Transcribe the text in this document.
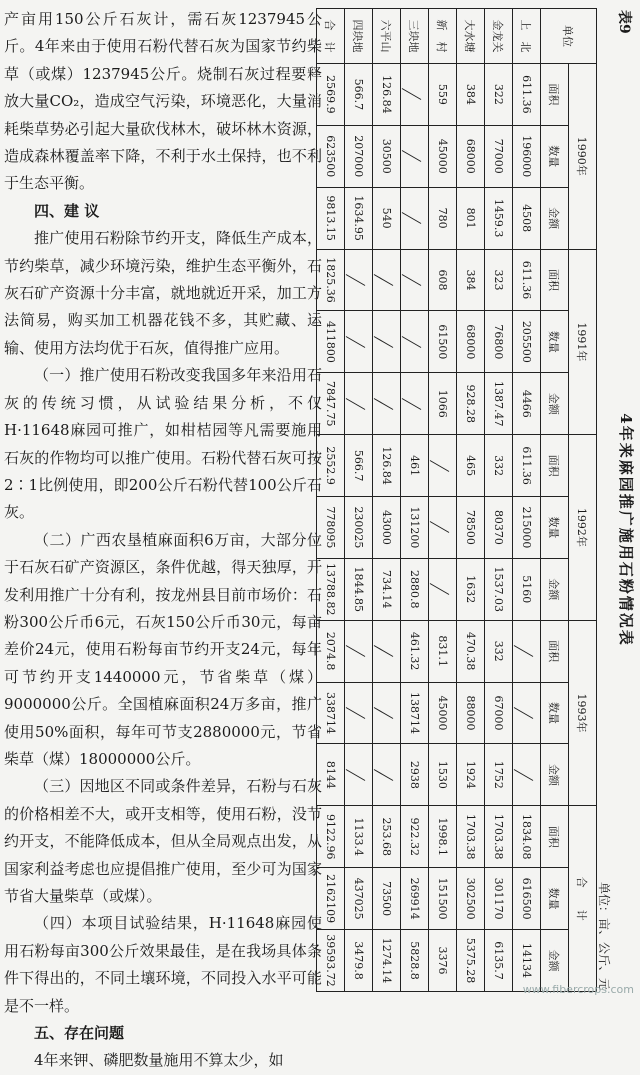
产亩用150公斤石灰计，需石灰1237945公斤。4年来由于使用石粉代替石灰为国家节约柴草（或煤）1237945公斤。烧制石灰过程要释放大量CO₂，造成空气污染，环境恶化，大量消耗柴草势必引起大量砍伐林木，破坏林木资源，造成森林覆盖率下降，不利于水土保持，也不利于生态平衡。

四、建 议

推广使用石粉除节约开支，降低生产成本，节约柴草，减少环境污染，维护生态平衡外，石灰石矿产资源十分丰富，就地就近开采，加工方法简易，购买加工机器花钱不多，其贮藏、运输、使用方法均优于石灰，值得推广应用。

（一）推广使用石粉改变我国多年来沿用石灰的传统习惯，从试验结果分析，不仅H·11648麻园可推广，如柑桔园等凡需要施用石灰的作物均可以推广使用。石粉代替石灰可按2∶1比例使用，即200公斤石粉代替100公斤石灰。

（二）广西农垦植麻面积6万亩，大部分位于石灰石矿产资源区，条件优越，得天独厚，开发利用推广十分有利，按龙州县目前市场价：石粉300公斤币6元，石灰150公斤币30元，每亩差价24元，使用石粉每亩节约开支24元，每年可节约开支1440000元，节省柴草（煤）9000000公斤。全国植麻面积24万多亩，推广使用50%面积，每年可节支2880000元，节省柴草（煤）18000000公斤。

（三）因地区不同或条件差异，石粉与石灰的价格相差不大，或开支相等，使用石粉，没节约开支，不能降低成本，但从全局观点出发，从国家利益考虑也应提倡推广使用，至少可为国家节省大量柴草（或煤）。

（四）本项目试验结果，H·11648麻园使用石粉每亩300公斤效果最佳，是在我场具体条件下得出的，不同土壤环境，不同投入水平可能是不一样。

五、存在问题

4年来钾、磷肥数量施用不算太少，如

表9
4年来麻园推广施用石粉情况表
单位：亩、公斤、元
单位	1990年			1991年			1992年			1993年			合　　计		
	面积	数量	金额	面积	数量	金额	面积	数量	金额	面积	数量	金额	面积	数量	金额
上　北	611.36	196000	4508	611.36	205500	4466	611.36	215000	5160				1834.08	616500	14134
金龙关	322	77000	1459.3	323	76800	1387.47	332	80370	1537.03	332	67000	1752	1703.38	301170	6135.7
大水塘	384	68000	801	384	68000	928.28	465	78500	1632	470.38	88000	1924	1703.38	302500	5375.28
新　村	559	45000	780	608	61500	1066				831.1	45000	1530	1998.1	151500	3376
三块地							461	131200	2880.8	461.32	138714	2938	922.32	269914	5828.8
六平山	126.84	30500	540				126.84	43000	734.14				253.68	73500	1274.14
四块地	566.7	207000	1634.95				566.7	230025	1844.85				1133.4	437025	3479.8
合　计	2569.9	623500	9813.15	1825.36	411800	7847.75	2552.9	778095	13788.82	2074.8	338714	8144	9122.96	2162109	39593.72
www.fibercrops.com
